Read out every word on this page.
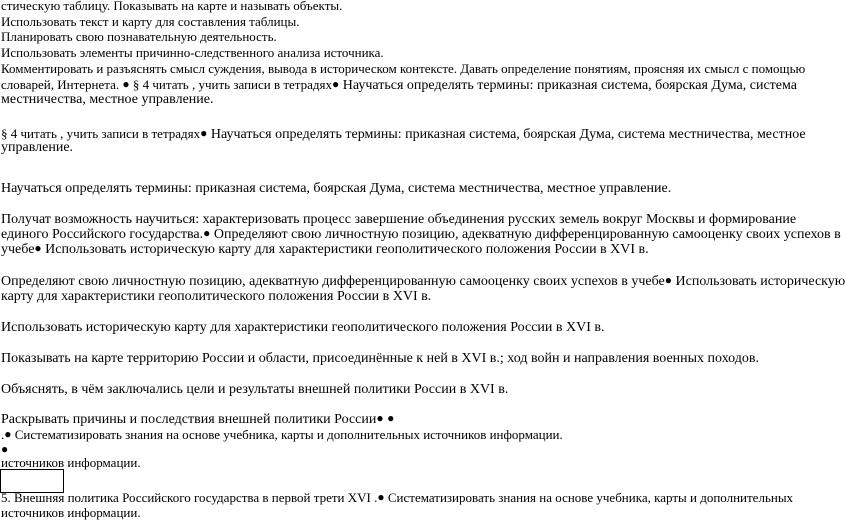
стическую таблицу. Показывать на карте и называть объекты.
Использовать текст и карту для составления таблицы.
Планировать свою познавательную деятельность.
Использовать элементы причинно-следственного анализа источника.
Комментировать и разъяснять смысл суждения, вывода в историческом контексте. Давать определение понятиям, проясняя их смысл с помощью
словарей, Интернета. ● § 4 читать , учить записи в тетрадях● Научаться определять термины: приказная система, боярская Дума, система
местничества, местное управление.
§ 4 читать , учить записи в тетрадях● Научаться определять термины: приказная система, боярская Дума, система местничества, местное
управление.
Научаться определять термины: приказная система, боярская Дума, система местничества, местное управление.
Получат возможность научиться: характеризовать процесс завершение объединения русских земель вокруг Москвы и формирование
единого Российского государства.● Определяют свою личностную позицию, адекватную дифференцированную самооценку своих успехов в
учебе● Использовать историческую карту для характеристики геополитического положения России в XVI в.
Определяют свою личностную позицию, адекватную дифференцированную самооценку своих успехов в учебе● Использовать историческую
карту для характеристики геополитического положения России в XVI в.
Использовать историческую карту для характеристики геополитического положения России в XVI в.
Показывать на карте территорию России и области, присоединённые к ней в XVI в.; ход войн и направления военных походов.
Объяснять, в чём заключались цели и результаты внешней политики России в XVI в.
Раскрывать причины и последствия внешней политики России● ●
.● Систематизировать знания на основе учебника, карты и дополнительных источников информации.
●
источников информации.
5. Внешняя политика Российского государства в первой трети XVI .● Систематизировать знания на основе учебника, карты и дополнительных
источников информации.
